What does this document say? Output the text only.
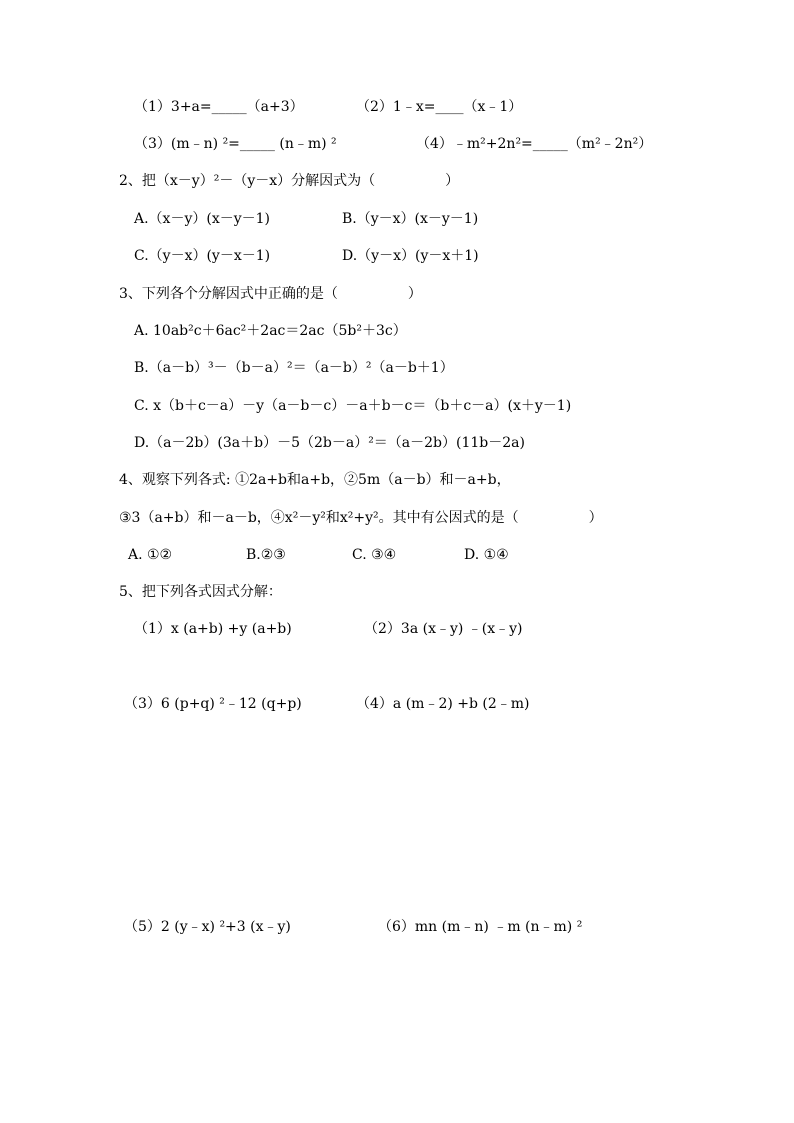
（1）3+a=_____（a+3）	（2）1﹣x=____（x﹣1）
（3）(m﹣n) ²=_____ (n﹣m) ²	（4）﹣m²+2n²=_____（m²﹣2n²）
2、把（x－y）²－（y－x）分解因式为（　　　　　）
A.（x－y）(x－y－1)	B.（y－x）(x－y－1)
C.（y－x）(y－x－1)	D.（y－x）(y－x＋1)
3、下列各个分解因式中正确的是（　　　　　）
A. 10ab²c＋6ac²＋2ac＝2ac（5b²＋3c）
B.（a－b）³－（b－a）²＝（a－b）²（a－b＋1）
C. x（b＋c－a）－y（a－b－c）－a＋b－c＝（b＋c－a）(x＋y－1)
D.（a－2b）(3a＋b）－5（2b－a）²＝（a－2b）(11b－2a)
4、观察下列各式: ①2a+b和a+b，②5m（a－b）和－a+b，
③3（a+b）和－a－b，④x²－y²和x²+y²。其中有公因式的是（　　　　　）
A. ①②	B.②③	C. ③④	D. ①④
5、把下列各式因式分解：
（1）x (a+b) +y (a+b)	（2）3a (x﹣y) ﹣(x﹣y)
（3）6 (p+q) ²﹣12 (q+p)	（4）a (m﹣2) +b (2﹣m)
（5）2 (y﹣x) ²+3 (x﹣y)	（6）mn (m﹣n) ﹣m (n﹣m) ²
